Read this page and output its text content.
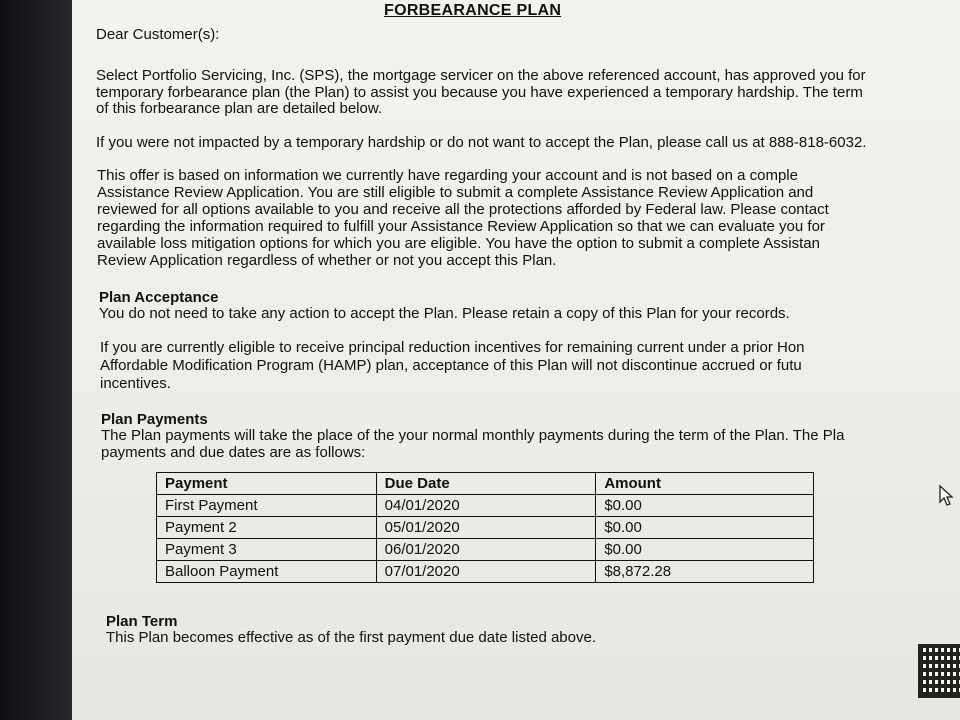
FORBEARANCE PLAN
Dear Customer(s):
Select Portfolio Servicing, Inc. (SPS), the mortgage servicer on the above referenced account, has approved you for
temporary forbearance plan (the Plan) to assist you because you have experienced a temporary hardship. The term
of this forbearance plan are detailed below.
If you were not impacted by a temporary hardship or do not want to accept the Plan, please call us at 888-818-6032.
This offer is based on information we currently have regarding your account and is not based on a comple
Assistance Review Application. You are still eligible to submit a complete Assistance Review Application and
reviewed for all options available to you and receive all the protections afforded by Federal law. Please contact
regarding the information required to fulfill your Assistance Review Application so that we can evaluate you for
available loss mitigation options for which you are eligible. You have the option to submit a complete Assistan
Review Application regardless of whether or not you accept this Plan.
Plan Acceptance
You do not need to take any action to accept the Plan. Please retain a copy of this Plan for your records.
If you are currently eligible to receive principal reduction incentives for remaining current under a prior Hon
Affordable Modification Program (HAMP) plan, acceptance of this Plan will not discontinue accrued or futu
incentives.
Plan Payments
The Plan payments will take the place of the your normal monthly payments during the term of the Plan. The Pla
payments and due dates are as follows:
Payment	Due Date	Amount
First Payment	04/01/2020	$0.00
Payment 2	05/01/2020	$0.00
Payment 3	06/01/2020	$0.00
Balloon Payment	07/01/2020	$8,872.28
Plan Term
This Plan becomes effective as of the first payment due date listed above.
